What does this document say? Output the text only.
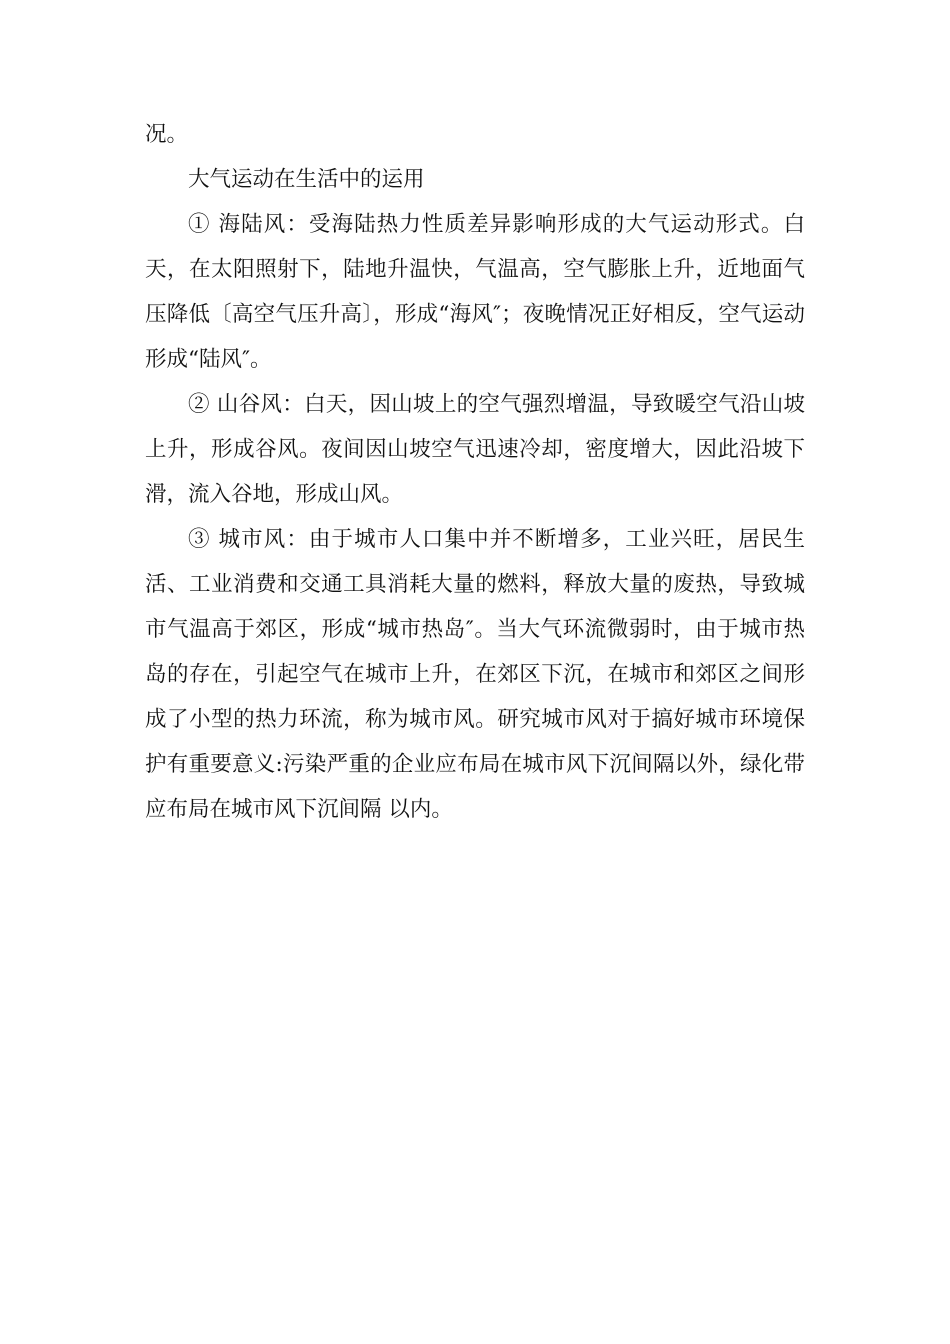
况。

大气运动在生活中的运用

① 海陆风：受海陆热力性质差异影响形成的大气运动形式。白天，在太阳照射下，陆地升温快，气温高，空气膨胀上升，近地面气压降低〔高空气压升高〕，形成“海风″；夜晚情况正好相反，空气运动形成“陆风″。

② 山谷风：白天，因山坡上的空气强烈增温，导致暖空气沿山坡上升，形成谷风。夜间因山坡空气迅速冷却，密度增大，因此沿坡下滑，流入谷地，形成山风。

③ 城市风：由于城市人口集中并不断增多，工业兴旺，居民生活、工业消费和交通工具消耗大量的燃料，释放大量的废热，导致城市气温高于郊区，形成“城市热岛″。当大气环流微弱时，由于城市热岛的存在，引起空气在城市上升，在郊区下沉，在城市和郊区之间形成了小型的热力环流，称为城市风。研究城市风对于搞好城市环境保护有重要意义:污染严重的企业应布局在城市风下沉间隔以外，绿化带应布局在城市风下沉间隔 以内。
